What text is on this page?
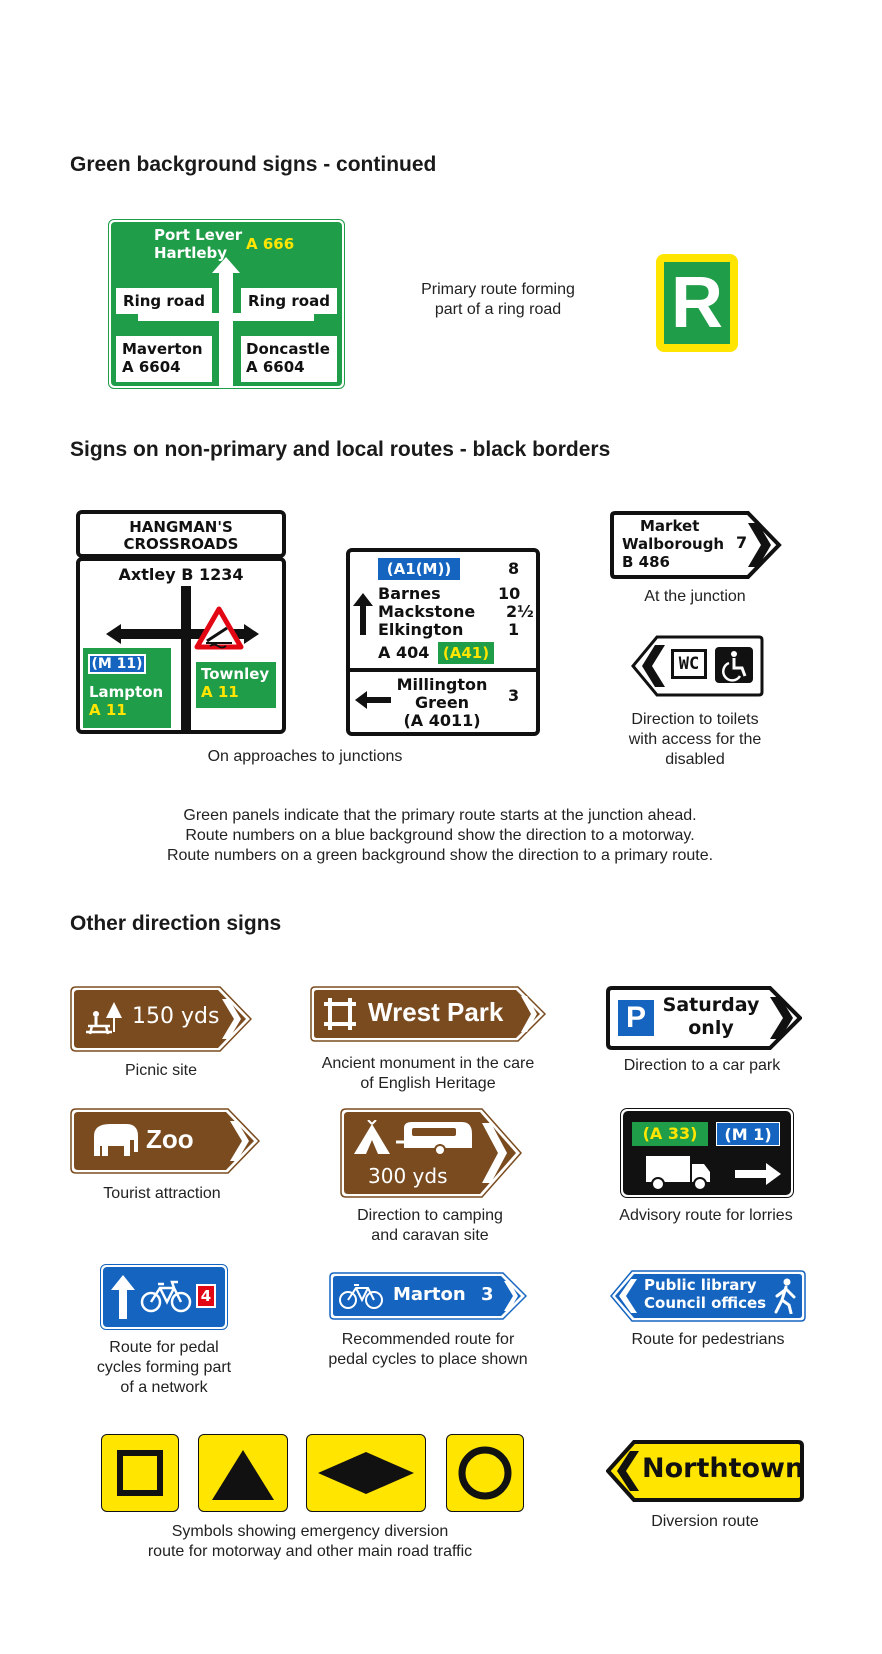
Green background signs - continued
Port Lever
Hartleby A 666
Ring road	Ring road
Maverton
A 6604
Doncastle
A 6604
Primary route forming
part of a ring road	R
Signs on non-primary and local routes - black borders
HANGMAN'S
CROSSROADS
Axtley B 1234
(M 11)
Lampton
A 11
Townley
A 11
(A1(M))	8
Barnes	10
Mackstone 2½
Elkington	1
A 404 (A41)
Millington
Green
(A 4011)
3
On approaches to junctions
Market
Walborough
B 486
7
At the junction
WC
Direction to toilets
with access for the
disabled
Green panels indicate that the primary route starts at the junction ahead.
Route numbers on a blue background show the direction to a motorway.
Route numbers on a green background show the direction to a primary route.
Other direction signs
150 yds
Picnic site
Wrest Park
Ancient monument in the care
of English Heritage
P Saturday
only
Direction to a car park
Zoo
Tourist attraction
300 yds
Direction to camping
and caravan site
(A 33)	(M 1)
Advisory route for lorries
4
Route for pedal
cycles forming part
of a network
Marton 3
Recommended route for
pedal cycles to place shown
Public library
Council offices
Route for pedestrians
Symbols showing emergency diversion
route for motorway and other main road traffic
Northtown
Diversion route
